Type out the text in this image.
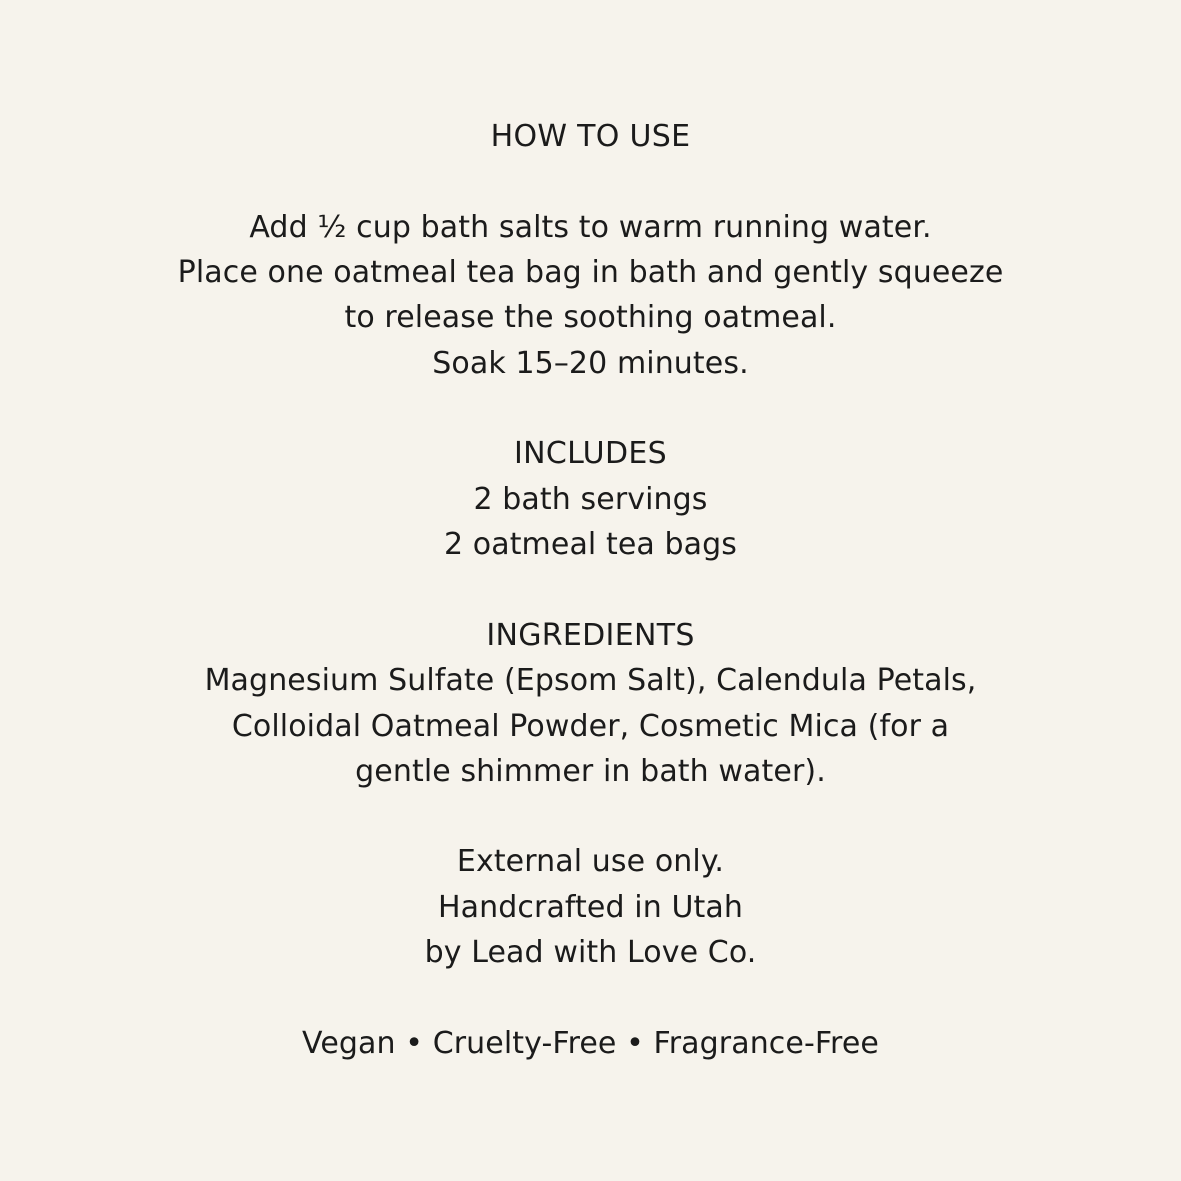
HOW TO USE
Add ½ cup bath salts to warm running water.
Place one oatmeal tea bag in bath and gently squeeze
to release the soothing oatmeal.
Soak 15–20 minutes.
INCLUDES
2 bath servings
2 oatmeal tea bags
INGREDIENTS
Magnesium Sulfate (Epsom Salt), Calendula Petals,
Colloidal Oatmeal Powder, Cosmetic Mica (for a
gentle shimmer in bath water).
External use only.
Handcrafted in Utah
by Lead with Love Co.
Vegan • Cruelty-Free • Fragrance-Free
